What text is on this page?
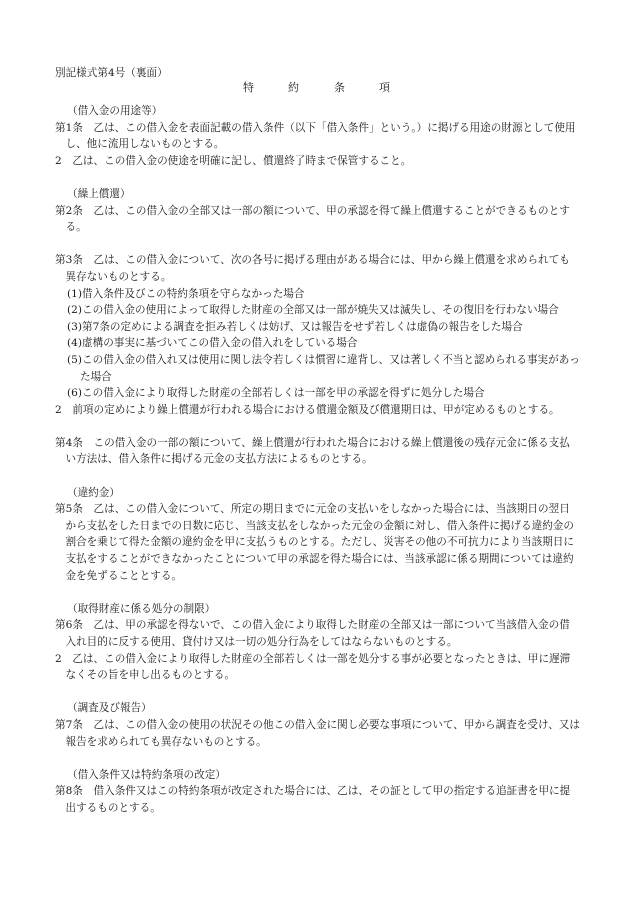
別記様式第4号（裏面）
特	約	条	項
（借入金の用途等）
第1条　乙は、この借入金を表面記載の借入条件（以下「借入条件」という。）に掲げる用途の財源として使用し、他に流用しないものとする。
2　乙は、この借入金の使途を明確に記し、償還終了時まで保管すること。
（繰上償還）
第2条　乙は、この借入金の全部又は一部の額について、甲の承認を得て繰上償還することができるものとする。
第3条　乙は、この借入金について、次の各号に掲げる理由がある場合には、甲から繰上償還を求められても異存ないものとする。
(1)借入条件及びこの特約条項を守らなかった場合
(2)この借入金の使用によって取得した財産の全部又は一部が焼失又は滅失し、その復旧を行わない場合
(3)第7条の定めによる調査を拒み若しくは妨げ、又は報告をせず若しくは虚偽の報告をした場合
(4)虚構の事実に基づいてこの借入金の借入れをしている場合
(5)この借入金の借入れ又は使用に関し法令若しくは慣習に違背し、又は著しく不当と認められる事実があった場合
(6)この借入金により取得した財産の全部若しくは一部を甲の承認を得ずに処分した場合
2　前項の定めにより繰上償還が行われる場合における償還金額及び償還期日は、甲が定めるものとする。
第4条　この借入金の一部の額について、繰上償還が行われた場合における繰上償還後の残存元金に係る支払い方法は、借入条件に掲げる元金の支払方法によるものとする。
（違約金）
第5条　乙は、この借入金について、所定の期日までに元金の支払いをしなかった場合には、当該期日の翌日から支払をした日までの日数に応じ、当該支払をしなかった元金の金額に対し、借入条件に掲げる違約金の割合を乗じて得た金額の違約金を甲に支払うものとする。ただし、災害その他の不可抗力により当該期日に支払をすることができなかったことについて甲の承認を得た場合には、当該承認に係る期間については違約金を免ずることとする。
（取得財産に係る処分の制限）
第6条　乙は、甲の承認を得ないで、この借入金により取得した財産の全部又は一部について当該借入金の借入れ目的に反する使用、貸付け又は一切の処分行為をしてはならないものとする。
2　乙は、この借入金により取得した財産の全部若しくは一部を処分する事が必要となったときは、甲に遅滞なくその旨を申し出るものとする。
（調査及び報告）
第7条　乙は、この借入金の使用の状況その他この借入金に関し必要な事項について、甲から調査を受け、又は報告を求められても異存ないものとする。
（借入条件又は特約条項の改定）
第8条　借入条件又はこの特約条項が改定された場合には、乙は、その証として甲の指定する追証書を甲に提出するものとする。
